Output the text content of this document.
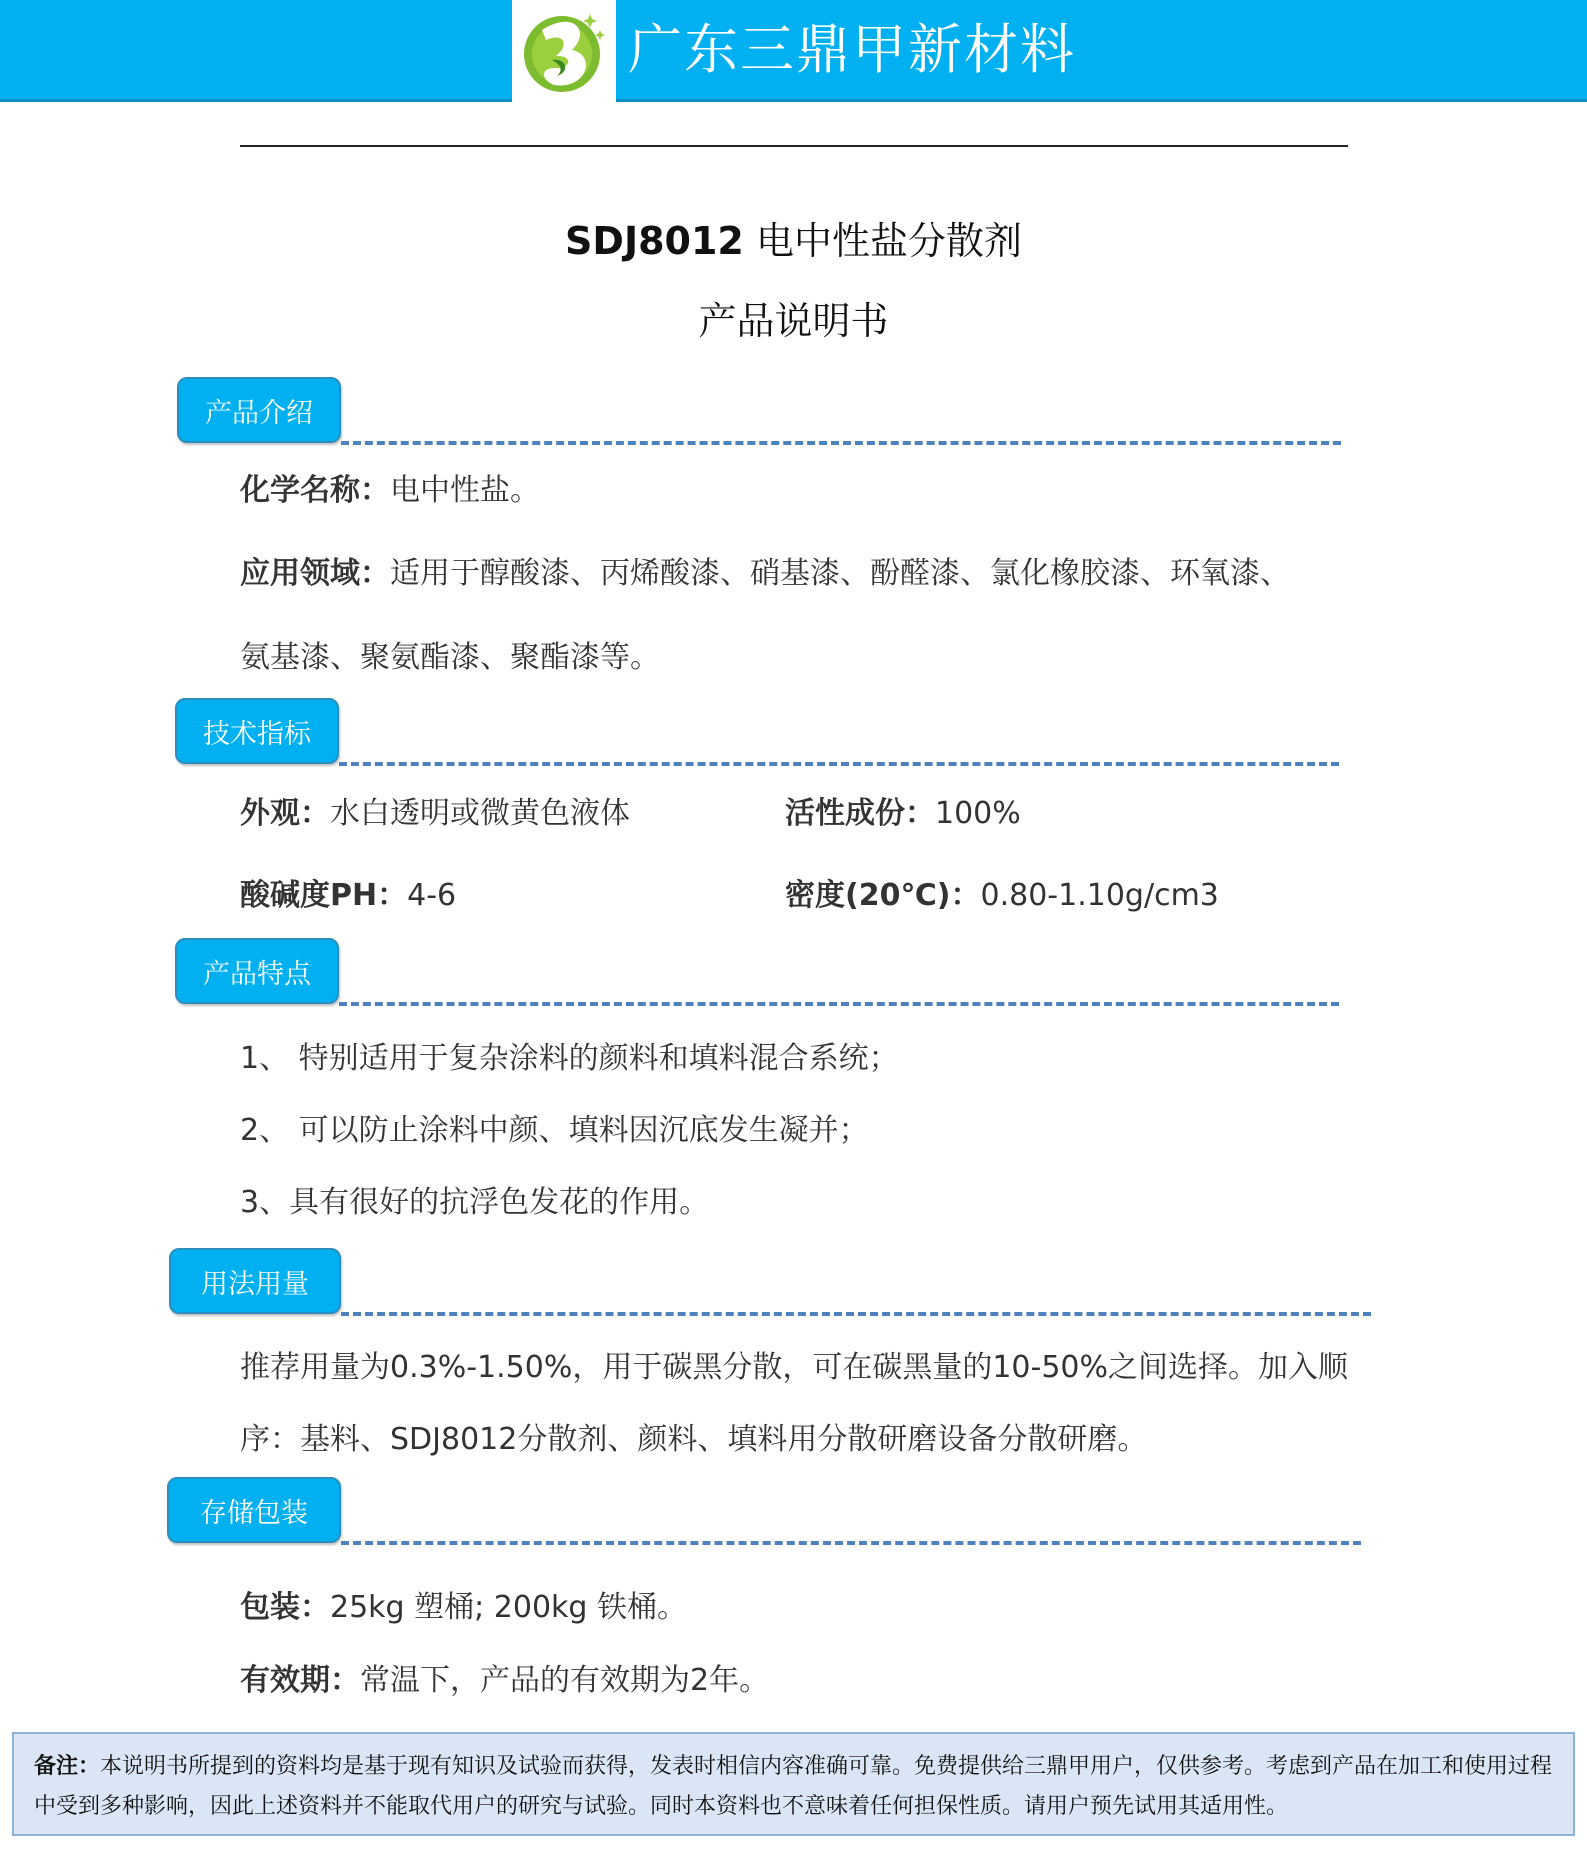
广东三鼎甲新材料
SDJ8012 电中性盐分散剂
产品说明书
产品介绍
化学名称：电中性盐。
应用领域：适用于醇酸漆、丙烯酸漆、硝基漆、酚醛漆、氯化橡胶漆、环氧漆、
氨基漆、聚氨酯漆、聚酯漆等。
技术指标
外观：水白透明或微黄色液体	活性成份：100%
酸碱度PH：4-6	密度(20℃)：0.80-1.10g/cm3
产品特点
1、 特别适用于复杂涂料的颜料和填料混合系统；
2、 可以防止涂料中颜、填料因沉底发生凝并；
3、具有很好的抗浮色发花的作用。
用法用量
推荐用量为0.3%-1.50%，用于碳黑分散，可在碳黑量的10-50%之间选择。加入顺
序：基料、SDJ8012分散剂、颜料、填料用分散研磨设备分散研磨。
存储包装
包装：25kg 塑桶; 200kg 铁桶。
有效期：常温下，产品的有效期为2年。
备注：本说明书所提到的资料均是基于现有知识及试验而获得，发表时相信内容准确可靠。免费提供给三鼎甲用户，仅供参考。考虑到产品在加工和使用过程中受到多种影响，因此上述资料并不能取代用户的研究与试验。同时本资料也不意味着任何担保性质。请用户预先试用其适用性。
